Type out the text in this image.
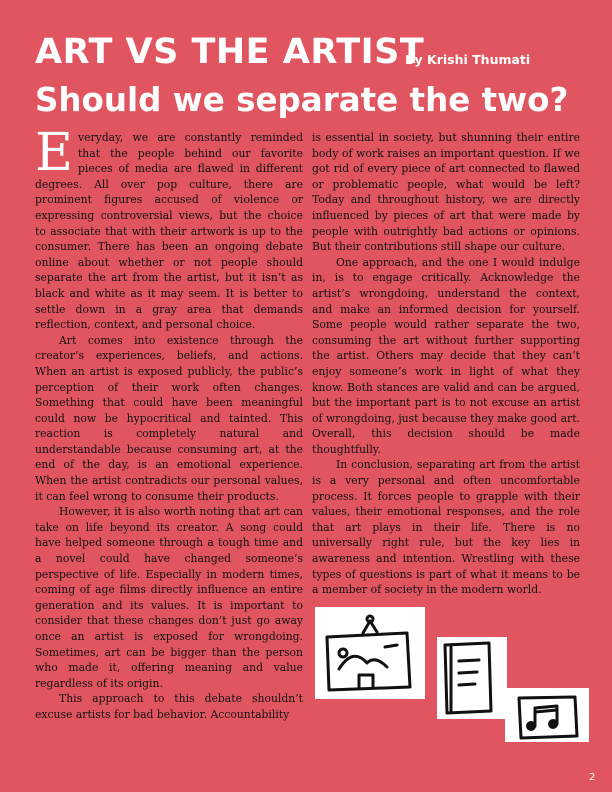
ART VS THE ARTIST
By Krishi Thumati
Should we separate the two?

Everyday, we are constantly reminded that the people behind our favorite pieces of media are flawed in different degrees. All over pop culture, there are prominent figures accused of violence or expressing controversial views, but the choice to associate that with their artwork is up to the consumer. There has been an ongoing debate online about whether or not people should separate the art from the artist, but it isn’t as black and white as it may seem. It is better to settle down in a gray area that demands reflection, context, and personal choice.

Art comes into existence through the creator’s experiences, beliefs, and actions. When an artist is exposed publicly, the public’s perception of their work often changes. Something that could have been meaningful could now be hypocritical and tainted. This reaction is completely natural and understandable because consuming art, at the end of the day, is an emotional experience. When the artist contradicts our personal values, it can feel wrong to consume their products.

However, it is also worth noting that art can take on life beyond its creator. A song could have helped someone through a tough time and a novel could have changed someone’s perspective of life. Especially in modern times, coming of age films directly influence an entire generation and its values. It is important to consider that these changes don’t just go away once an artist is exposed for wrongdoing. Sometimes, art can be bigger than the person who made it, offering meaning and value regardless of its origin.

This approach to this debate shouldn’t excuse artists for bad behavior. Accountability

is essential in society, but shunning their entire body of work raises an important question. If we got rid of every piece of art connected to flawed or problematic people, what would be left? Today and throughout history, we are directly influenced by pieces of art that were made by people with outrightly bad actions or opinions. But their contributions still shape our culture.

One approach, and the one I would indulge in, is to engage critically. Acknowledge the artist’s wrongdoing, understand the context, and make an informed decision for yourself. Some people would rather separate the two, consuming the art without further supporting the artist. Others may decide that they can’t enjoy someone’s work in light of what they know. Both stances are valid and can be argued, but the important part is to not excuse an artist of wrongdoing, just because they make good art. Overall, this decision should be made thoughtfully.

In conclusion, separating art from the artist is a very personal and often uncomfortable process. It forces people to grapple with their values, their emotional responses, and the role that art plays in their life. There is no universally right rule, but the key lies in awareness and intention. Wrestling with these types of questions is part of what it means to be a member of society in the modern world.

2
